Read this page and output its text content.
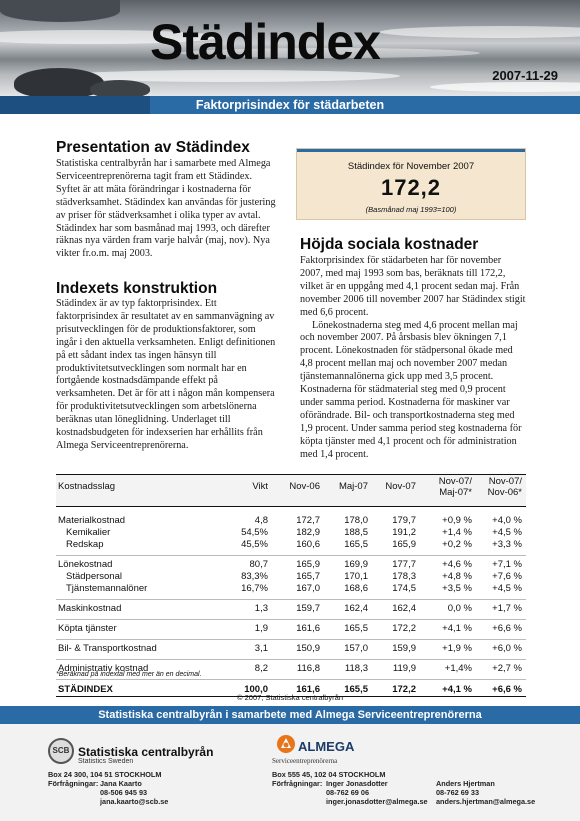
Städindex
2007-11-29
Faktorprisindex för städarbeten
Presentation av Städindex
Statistiska centralbyrån har i samarbete med Almega Serviceentreprenörerna tagit fram ett Städindex. Syftet är att mäta förändringar i kostnaderna för städverksamhet. Städindex kan användas för justering av priser för städverksamhet i olika typer av avtal. Städindex har som basmånad maj 1993, och därefter räknas nya värden fram varje halvår (maj, nov). Nya vikter fr.o.m. maj 2003.
Indexets konstruktion
Städindex är av typ faktorprisindex. Ett faktorprisindex är resultatet av en sammanvägning av prisutvecklingen för de produktionsfaktorer, som ingår i den aktuella verksamheten. Enligt definitionen på ett sådant index tas ingen hänsyn till produktivitetsutvecklingen som normalt har en fortgående kostnadsdämpande effekt på verksamheten. Det är för att i någon mån kompensera för produktivitetsutvecklingen som arbetslönerna beräknas utan löneglidning. Underlaget till kostnadsbudgeten för indexserien har erhållits från Almega Serviceentreprenörerna.
Städindex för November 2007
172,2
(Basmånad maj 1993=100)
Höjda sociala kostnader

Faktorprisindex för städarbeten har för november 2007, med maj 1993 som bas, beräknats till 172,2, vilket är en uppgång med 4,1 procent sedan maj. Från november 2006 till november 2007 har Städindex stigit med 6,6 procent.

Lönekostnaderna steg med 4,6 procent mellan maj och november 2007. På årsbasis blev ökningen 7,1 procent. Lönekostnaden för städpersonal ökade med 4,8 procent mellan maj och november 2007 medan tjänstemannalönerna gick upp med 3,5 procent. Kostnaderna för städmaterial steg med 0,9 procent under samma period. Kostnaderna för maskiner var oförändrade. Bil- och transportkostnaderna steg med 1,9 procent. Under samma period steg kostnaderna för köpta tjänster med 4,1 procent och för administration med 1,4 procent.

Kostnadsslag	Vikt Nov-06 Maj-07 Nov-07 Nov-07/
Maj-07*
Nov-07/
Nov-06*
Materialkostnad	4,8	172,7	178,0	179,7	+0,9 % +4,0 %
Kemikalier	54,5%	182,9	188,5	191,2	+1,4 % +4,5 %
Redskap	45,5%	160,6	165,5	165,9	+0,2 % +3,3 %
Lönekostnad	80,7	165,9	169,9	177,7	+4,6 % +7,1 %
Städpersonal	83,3%	165,7	170,1	178,3	+4,8 % +7,6 %
Tjänstemannalöner	16,7%	167,0	168,6	174,5	+3,5 % +4,5 %
Maskinkostnad	1,3	159,7	162,4	162,4	0,0 % +1,7 %
Köpta tjänster	1,9	161,6	165,5	172,2	+4,1 % +6,6 %
Bil- & Transportkostnad	3,1	150,9	157,0	159,9	+1,9 % +6,0 %
Administrativ kostnad	8,2	116,8	118,3	119,9	+1,4% +2,7 %
STÄDINDEX	100,0	161,6	165,5	172,2	+4,1 % +6,6 %
*Beräknad på indextal med mer än en decimal.
© 2007, Statistiska centralbyrån
Statistiska centralbyrån i samarbete med Almega Serviceentreprenörerna
SCB Statistiska centralbyrån
Statistics Sweden
Box 24 300, 104 51 STOCKHOLM
Förfrågningar: Jana Kaarto
08-506 945 93
jana.kaarto@scb.se
ALMEGA
Serviceentreprenörerna
Box 555 45, 102 04 STOCKHOLM
Förfrågningar: Inger Jonasdotter
08-762 69 06
inger.jonasdotter@almega.se
Anders Hjertman
08-762 69 33
anders.hjertman@almega.se
